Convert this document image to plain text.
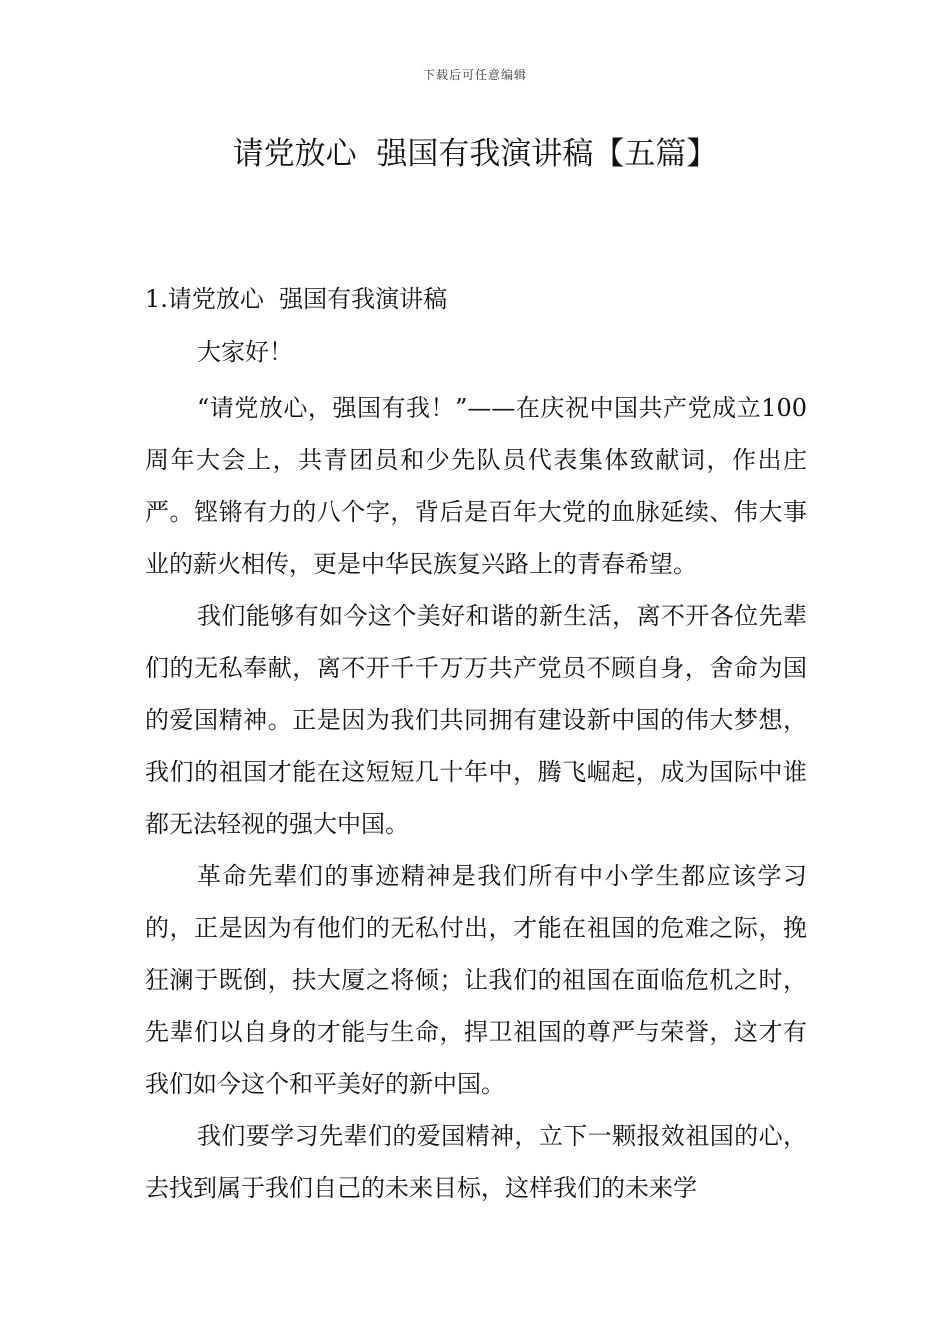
下载后可任意编辑
请党放心  强国有我演讲稿【五篇】

1.请党放心  强国有我演讲稿

大家好！

“请党放心，强国有我！”——在庆祝中国共产党成立100周年大会上，共青团员和少先队员代表集体致献词，作出庄严。铿锵有力的八个字，背后是百年大党的血脉延续、伟大事业的薪火相传，更是中华民族复兴路上的青春希望。

我们能够有如今这个美好和谐的新生活，离不开各位先辈们的无私奉献，离不开千千万万共产党员不顾自身，舍命为国的爱国精神。正是因为我们共同拥有建设新中国的伟大梦想，我们的祖国才能在这短短几十年中，腾飞崛起，成为国际中谁都无法轻视的强大中国。

革命先辈们的事迹精神是我们所有中小学生都应该学习的，正是因为有他们的无私付出，才能在祖国的危难之际，挽狂澜于既倒，扶大厦之将倾；让我们的祖国在面临危机之时，先辈们以自身的才能与生命，捍卫祖国的尊严与荣誉，这才有我们如今这个和平美好的新中国。

我们要学习先辈们的爱国精神，立下一颗报效祖国的心，去找到属于我们自己的未来目标，这样我们的未来学
